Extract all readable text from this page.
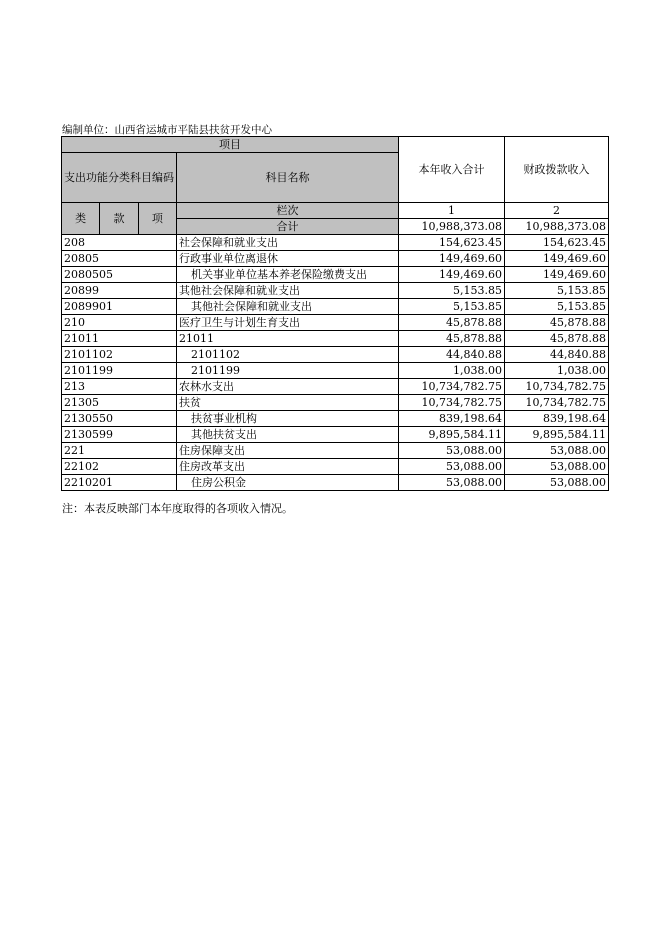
编制单位：山西省运城市平陆县扶贫开发中心
项目				本年收入合计	财政拨款收入
支出功能分类科目编码			科目名称		
类	款	项	栏次	1	2
			合计	10,988,373.08	10,988,373.08
208			社会保障和就业支出	154,623.45	154,623.45
20805			行政事业单位离退休	149,469.60	149,469.60
2080505			机关事业单位基本养老保险缴费支出	149,469.60	149,469.60
20899			其他社会保障和就业支出	5,153.85	5,153.85
2089901			其他社会保障和就业支出	5,153.85	5,153.85
210			医疗卫生与计划生育支出	45,878.88	45,878.88
21011			21011	45,878.88	45,878.88
2101102			2101102	44,840.88	44,840.88
2101199			2101199	1,038.00	1,038.00
213			农林水支出	10,734,782.75	10,734,782.75
21305			扶贫	10,734,782.75	10,734,782.75
2130550			扶贫事业机构	839,198.64	839,198.64
2130599			其他扶贫支出	9,895,584.11	9,895,584.11
221			住房保障支出	53,088.00	53,088.00
22102			住房改革支出	53,088.00	53,088.00
2210201			住房公积金	53,088.00	53,088.00
注：本表反映部门本年度取得的各项收入情况。
